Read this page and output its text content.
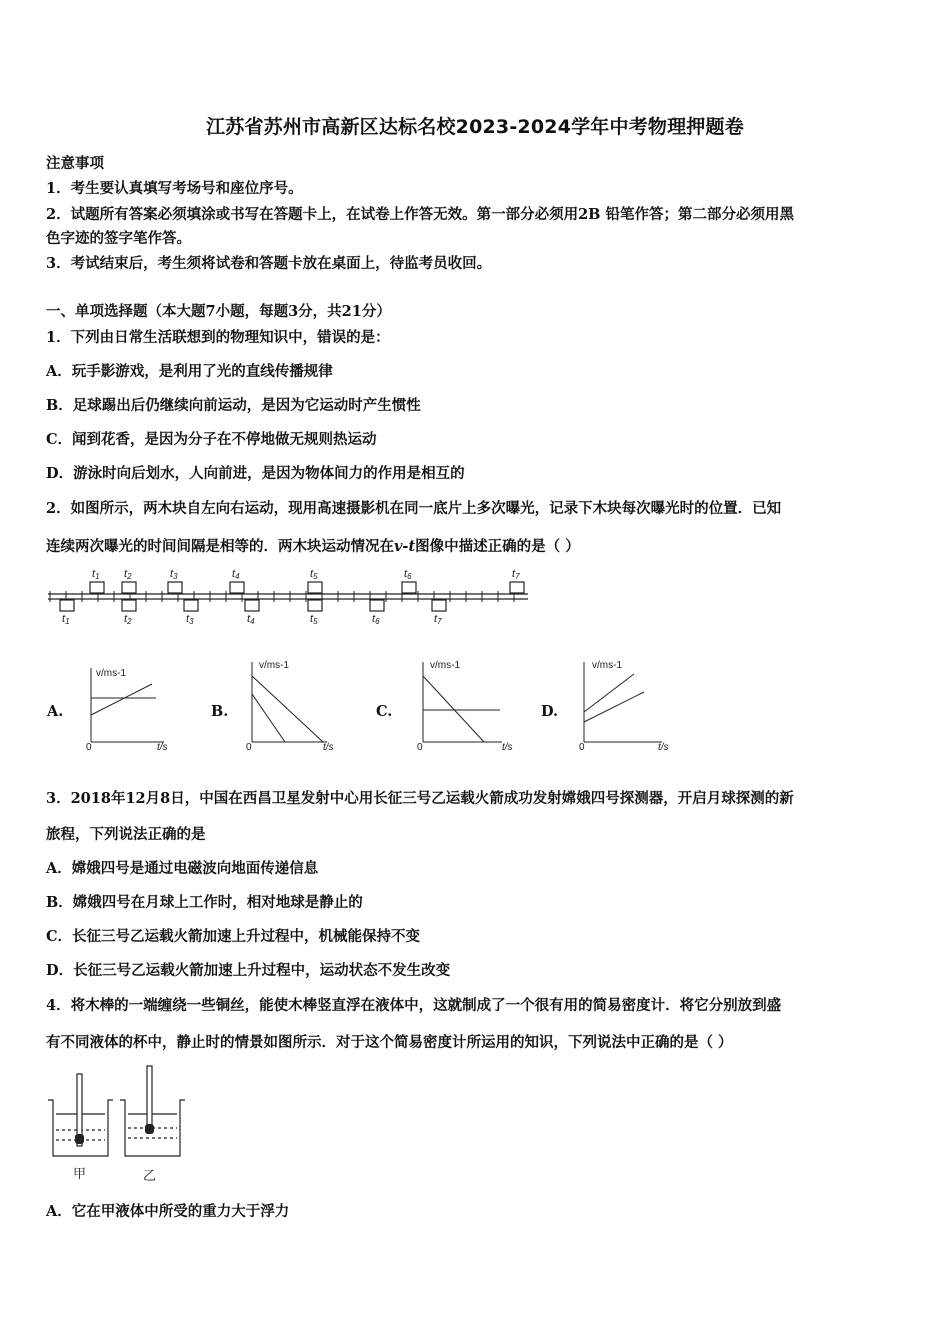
江苏省苏州市高新区达标名校2023-2024学年中考物理押题卷
注意事项
1．考生要认真填写考场号和座位序号。
2．试题所有答案必须填涂或书写在答题卡上，在试卷上作答无效。第一部分必须用2B 铅笔作答；第二部分必须用黑
色字迹的签字笔作答。
3．考试结束后，考生须将试卷和答题卡放在桌面上，待监考员收回。
一、单项选择题（本大题7小题，每题3分，共21分）
1．下列由日常生活联想到的物理知识中，错误的是：
A．玩手影游戏，是利用了光的直线传播规律
B．足球踢出后仍继续向前运动，是因为它运动时产生惯性
C．闻到花香，是因为分子在不停地做无规则热运动
D．游泳时向后划水，人向前进，是因为物体间力的作用是相互的
2．如图所示，两木块自左向右运动，现用高速摄影机在同一底片上多次曝光，记录下木块每次曝光时的位置．已知
连续两次曝光的时间间隔是相等的．两木块运动情况在v-t图像中描述正确的是（ ）
t1 t2	t3	t4	t5	t6	t7
t1	t2	t3	t4	t5	t6	t7
A.
v/ms-1
0	t/s
B.
v/ms-1
0	t/s
C.
v/ms-1
0	t/s
D.
v/ms-1
0	t/s
3．2018年12月8日，中国在西昌卫星发射中心用长征三号乙运载火箭成功发射嫦娥四号探测器，开启月球探测的新
旅程，下列说法正确的是
A．嫦娥四号是通过电磁波向地面传递信息
B．嫦娥四号在月球上工作时，相对地球是静止的
C．长征三号乙运载火箭加速上升过程中，机械能保持不变
D．长征三号乙运载火箭加速上升过程中，运动状态不发生改变
4．将木棒的一端缠绕一些铜丝，能使木棒竖直浮在液体中，这就制成了一个很有用的简易密度计．将它分别放到盛
有不同液体的杯中，静止时的情景如图所示．对于这个简易密度计所运用的知识，下列说法中正确的是（ ）
甲	乙
A．它在甲液体中所受的重力大于浮力
